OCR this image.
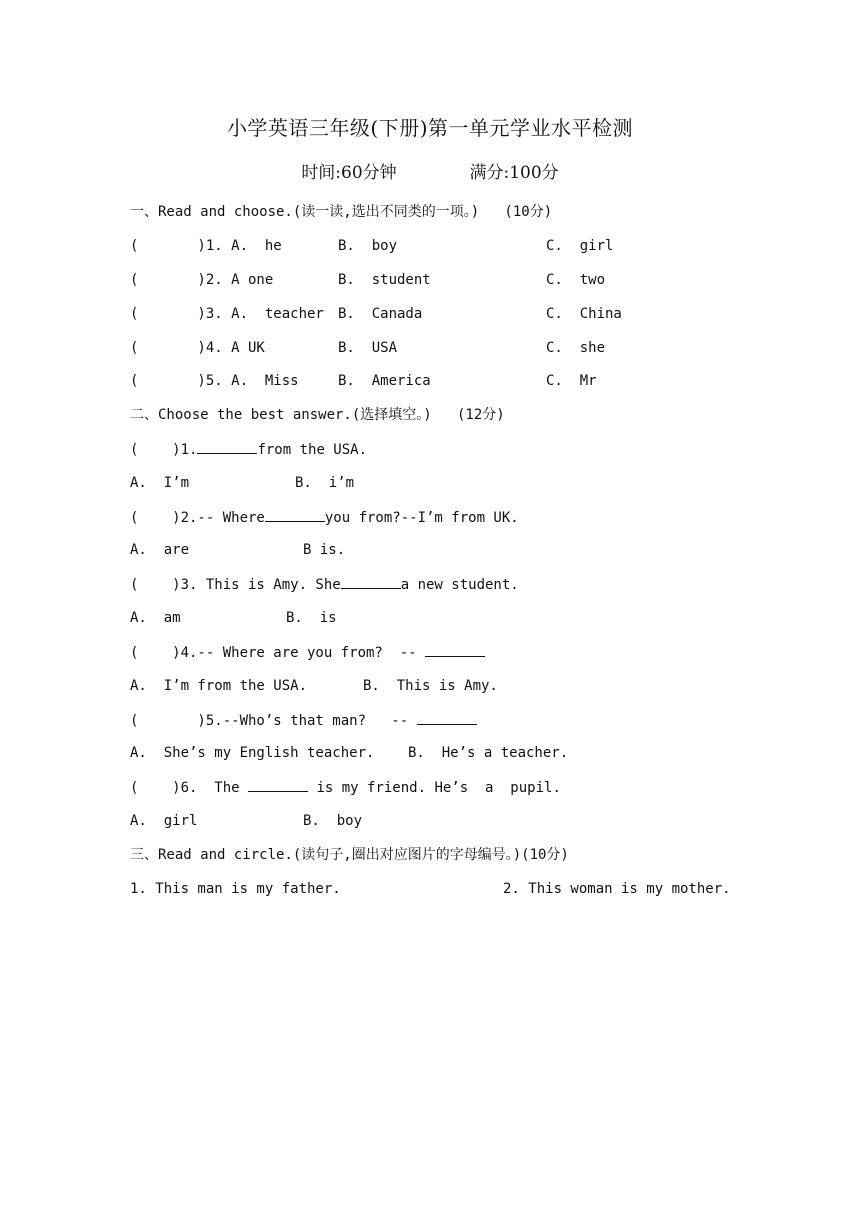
小学英语三年级(下册)第一单元学业水平检测
时间:60分钟	满分:100分
一、Read and choose.(读一读,选出不同类的一项。)   (10分)
(       )1. A.  he	B.  boy	C.  girl
(       )2. A one	B.  student	C.  two
(       )3. A.  teacher B.  Canada	C.  China
(       )4. A UK	B.  USA	C.  she
(       )5. A.  Miss	B.  America	C.  Mr
二、Choose the best answer.(选择填空。)   (12分)
(    )1.	from the USA.
A.  I’m	B.  i’m
(    )2.-- Where	you from?--I’m from UK.
A.  are	B is.
(    )3. This is Amy. She	a new student.
A.  am	B.  is
(    )4.-- Where are you from?  --
A.  I’m from the USA.	B.  This is Amy.
(       )5.--Who’s that man?   --
A.  She’s my English teacher. B.  He’s a teacher.
(    )6.  The	is my friend. He’s  a  pupil.
A.  girl	B.  boy
三、Read and circle.(读句子,圈出对应图片的字母编号。)(10分)
1. This man is my father.	2. This woman is my mother.
